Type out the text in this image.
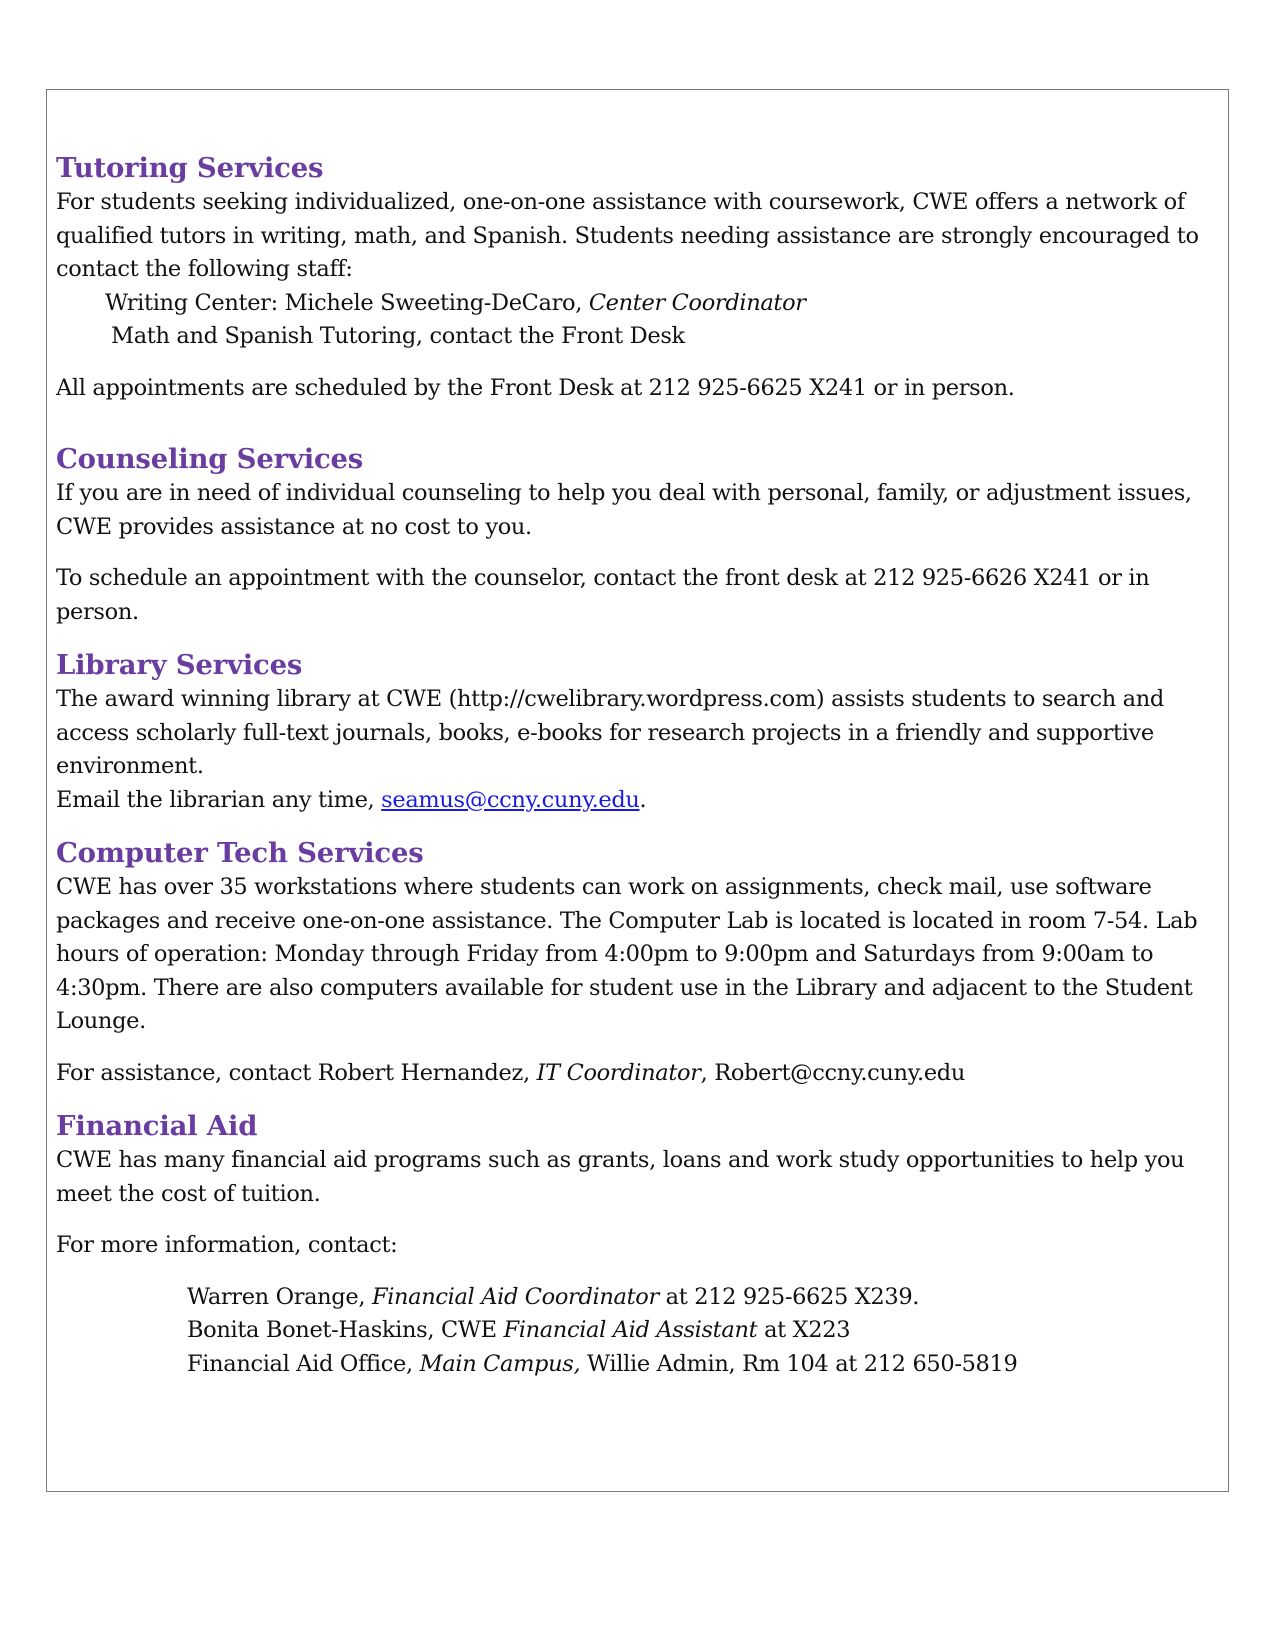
Tutoring Services

For students seeking individualized, one-on-one assistance with coursework, CWE offers a network of qualified tutors in writing, math, and Spanish. Students needing assistance are strongly encouraged to contact the following staff:

Writing Center: Michele Sweeting-DeCaro, Center Coordinator

Math and Spanish Tutoring, contact the Front Desk

All appointments are scheduled by the Front Desk at 212 925-6625 X241 or in person.

Counseling Services

If you are in need of individual counseling to help you deal with personal, family, or adjustment issues, CWE provides assistance at no cost to you.

To schedule an appointment with the counselor, contact the front desk at 212 925-6626 X241 or in person.

Library Services

The award winning library at CWE (http://cwelibrary.wordpress.com) assists students to search and access scholarly full-text journals, books, e-books for research projects in a friendly and supportive environment.
Email the librarian any time, seamus@ccny.cuny.edu.

Computer Tech Services

CWE has over 35 workstations where students can work on assignments, check mail, use software packages and receive one-on-one assistance. The Computer Lab is located is located in room 7-54. Lab hours of operation: Monday through Friday from 4:00pm to 9:00pm and Saturdays from 9:00am to 4:30pm. There are also computers available for student use in the Library and adjacent to the Student Lounge.

For assistance, contact Robert Hernandez, IT Coordinator, Robert@ccny.cuny.edu

Financial Aid

CWE has many financial aid programs such as grants, loans and work study opportunities to help you meet the cost of tuition.

For more information, contact:

Warren Orange, Financial Aid Coordinator at 212 925-6625 X239.

Bonita Bonet-Haskins, CWE Financial Aid Assistant at X223

Financial Aid Office, Main Campus, Willie Admin, Rm 104 at 212 650-5819
